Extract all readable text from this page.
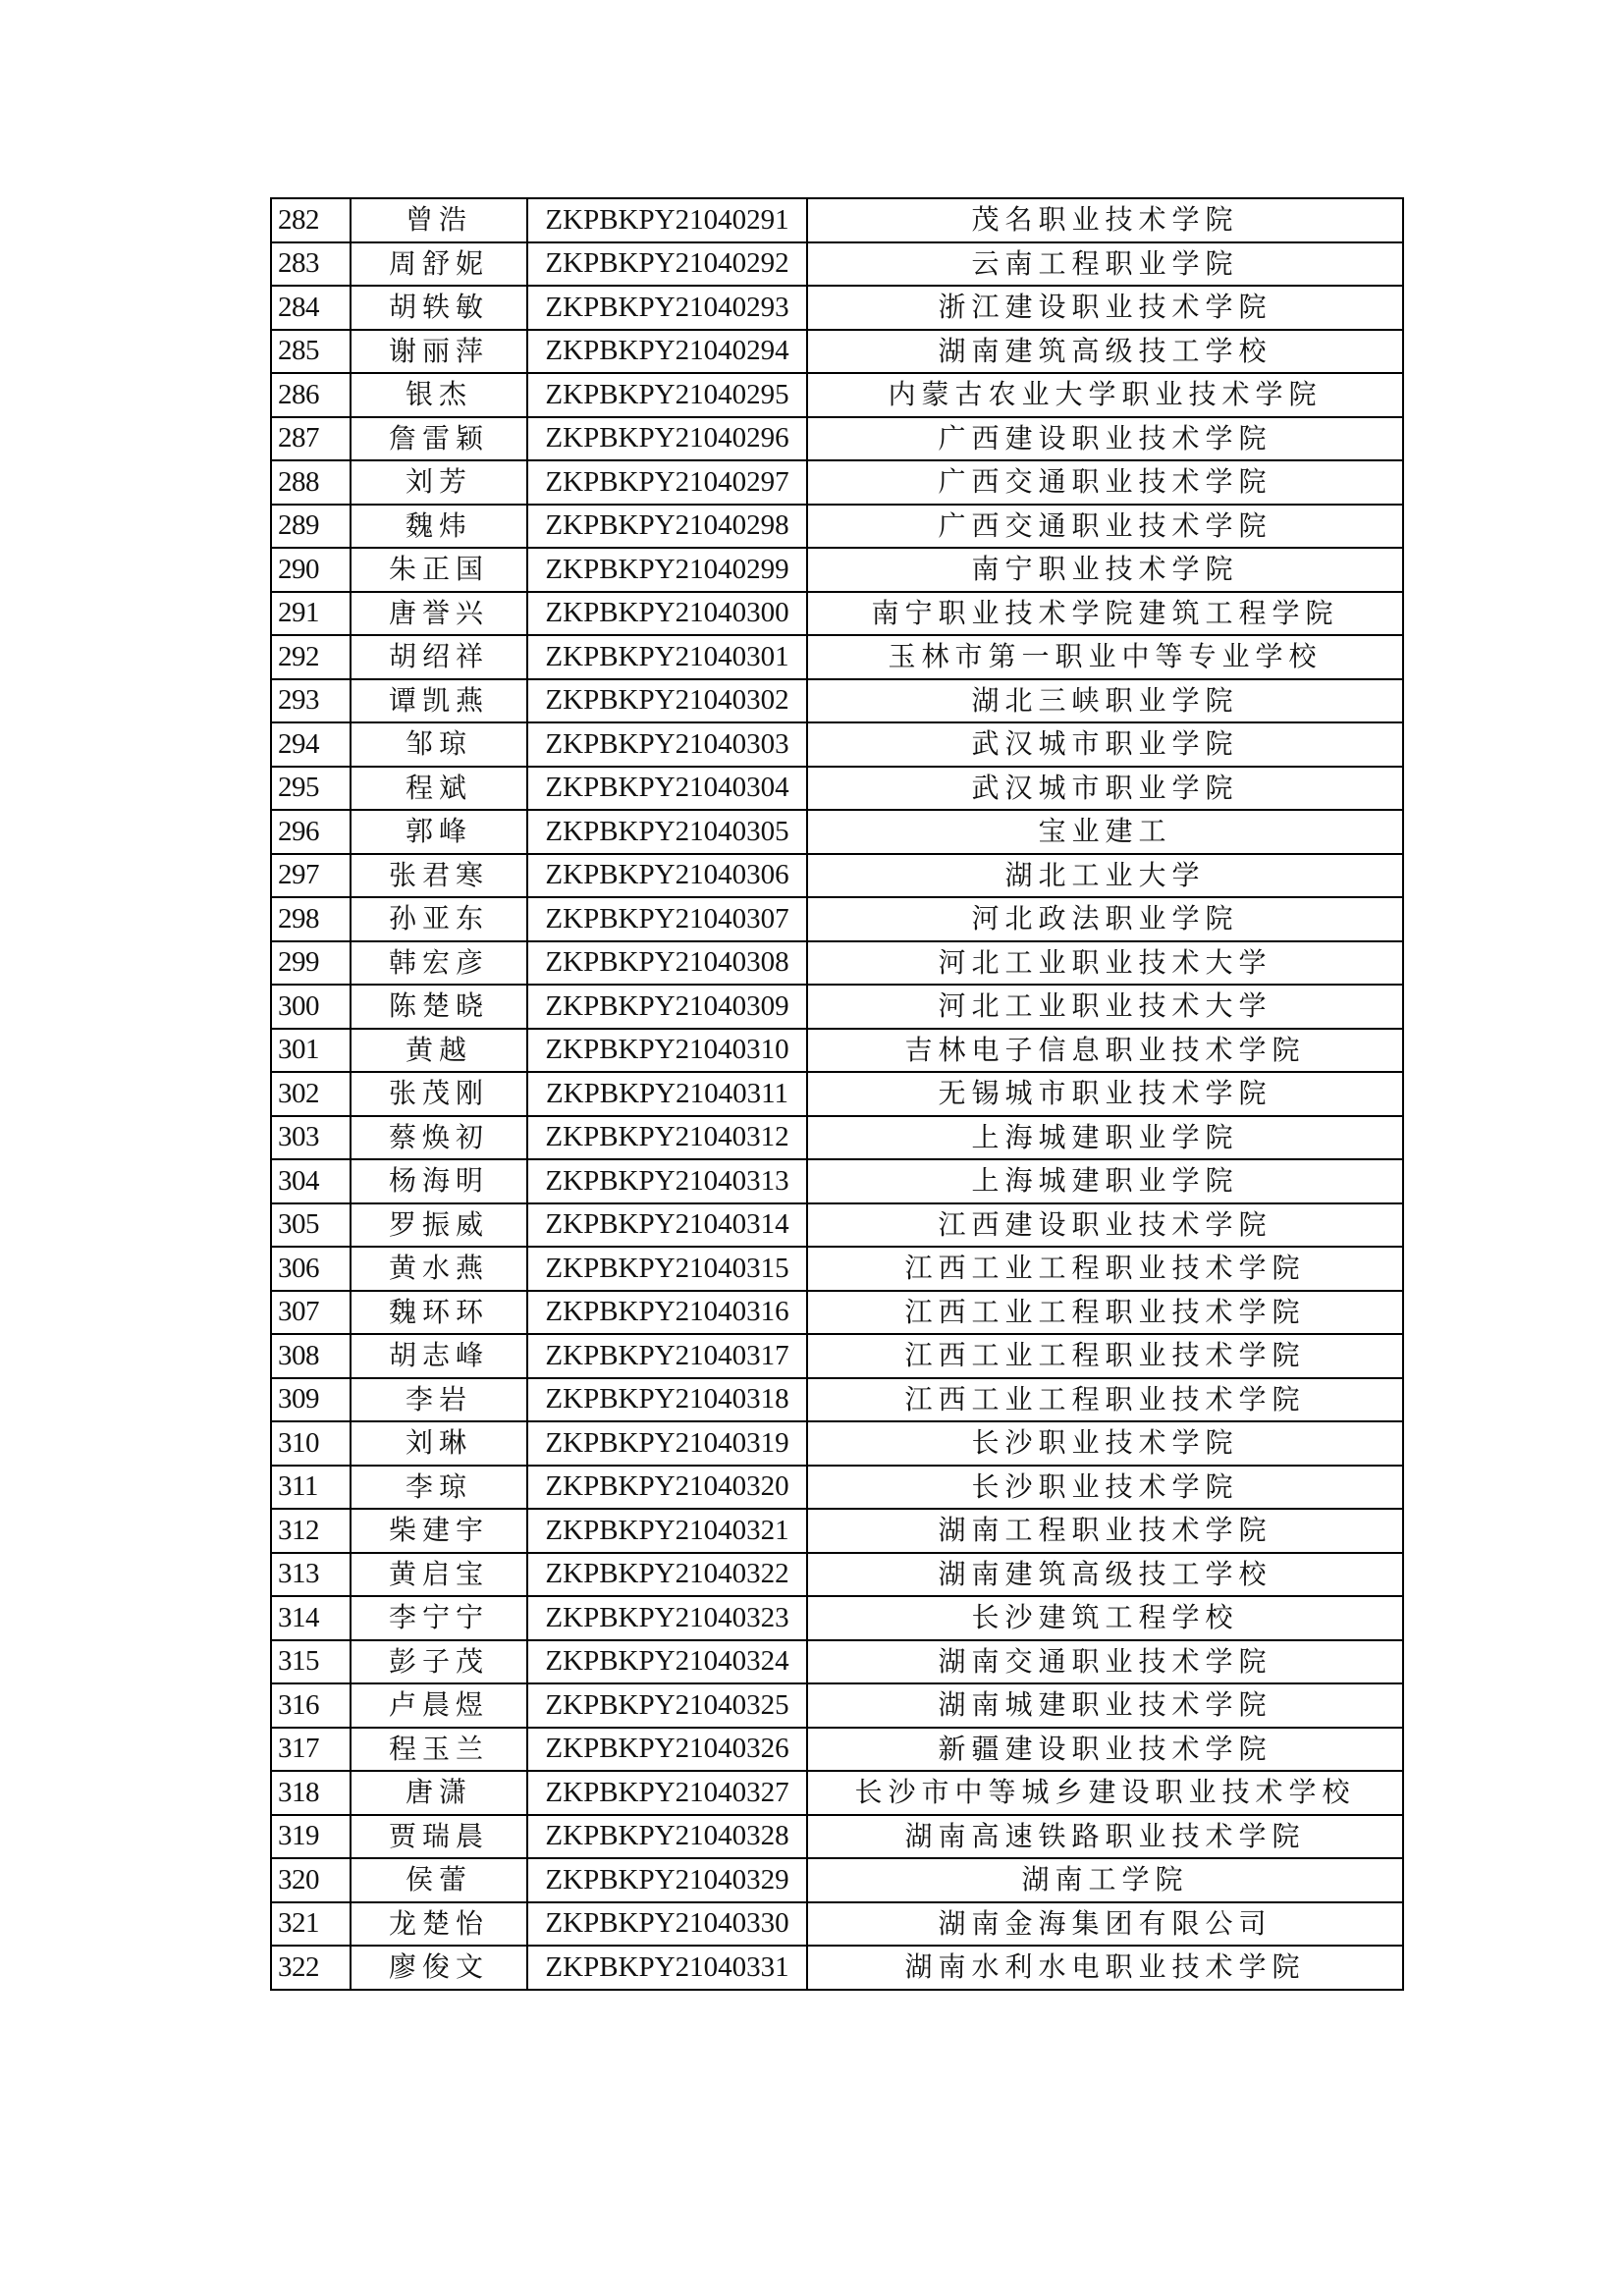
282	曾浩	ZKPBKPY21040291	茂名职业技术学院
283	周舒妮	ZKPBKPY21040292	云南工程职业学院
284	胡轶敏	ZKPBKPY21040293	浙江建设职业技术学院
285	谢丽萍	ZKPBKPY21040294	湖南建筑高级技工学校
286	银杰	ZKPBKPY21040295	内蒙古农业大学职业技术学院
287	詹雷颖	ZKPBKPY21040296	广西建设职业技术学院
288	刘芳	ZKPBKPY21040297	广西交通职业技术学院
289	魏炜	ZKPBKPY21040298	广西交通职业技术学院
290	朱正国	ZKPBKPY21040299	南宁职业技术学院
291	唐誉兴	ZKPBKPY21040300	南宁职业技术学院建筑工程学院
292	胡绍祥	ZKPBKPY21040301	玉林市第一职业中等专业学校
293	谭凯燕	ZKPBKPY21040302	湖北三峡职业学院
294	邹琼	ZKPBKPY21040303	武汉城市职业学院
295	程斌	ZKPBKPY21040304	武汉城市职业学院
296	郭峰	ZKPBKPY21040305	宝业建工
297	张君寒	ZKPBKPY21040306	湖北工业大学
298	孙亚东	ZKPBKPY21040307	河北政法职业学院
299	韩宏彦	ZKPBKPY21040308	河北工业职业技术大学
300	陈楚晓	ZKPBKPY21040309	河北工业职业技术大学
301	黄越	ZKPBKPY21040310	吉林电子信息职业技术学院
302	张茂刚	ZKPBKPY21040311	无锡城市职业技术学院
303	蔡焕初	ZKPBKPY21040312	上海城建职业学院
304	杨海明	ZKPBKPY21040313	上海城建职业学院
305	罗振威	ZKPBKPY21040314	江西建设职业技术学院
306	黄水燕	ZKPBKPY21040315	江西工业工程职业技术学院
307	魏环环	ZKPBKPY21040316	江西工业工程职业技术学院
308	胡志峰	ZKPBKPY21040317	江西工业工程职业技术学院
309	李岩	ZKPBKPY21040318	江西工业工程职业技术学院
310	刘琳	ZKPBKPY21040319	长沙职业技术学院
311	李琼	ZKPBKPY21040320	长沙职业技术学院
312	柴建宇	ZKPBKPY21040321	湖南工程职业技术学院
313	黄启宝	ZKPBKPY21040322	湖南建筑高级技工学校
314	李宁宁	ZKPBKPY21040323	长沙建筑工程学校
315	彭子茂	ZKPBKPY21040324	湖南交通职业技术学院
316	卢晨煜	ZKPBKPY21040325	湖南城建职业技术学院
317	程玉兰	ZKPBKPY21040326	新疆建设职业技术学院
318	唐潇	ZKPBKPY21040327	长沙市中等城乡建设职业技术学校
319	贾瑞晨	ZKPBKPY21040328	湖南高速铁路职业技术学院
320	侯蕾	ZKPBKPY21040329	湖南工学院
321	龙楚怡	ZKPBKPY21040330	湖南金海集团有限公司
322	廖俊文	ZKPBKPY21040331	湖南水利水电职业技术学院
